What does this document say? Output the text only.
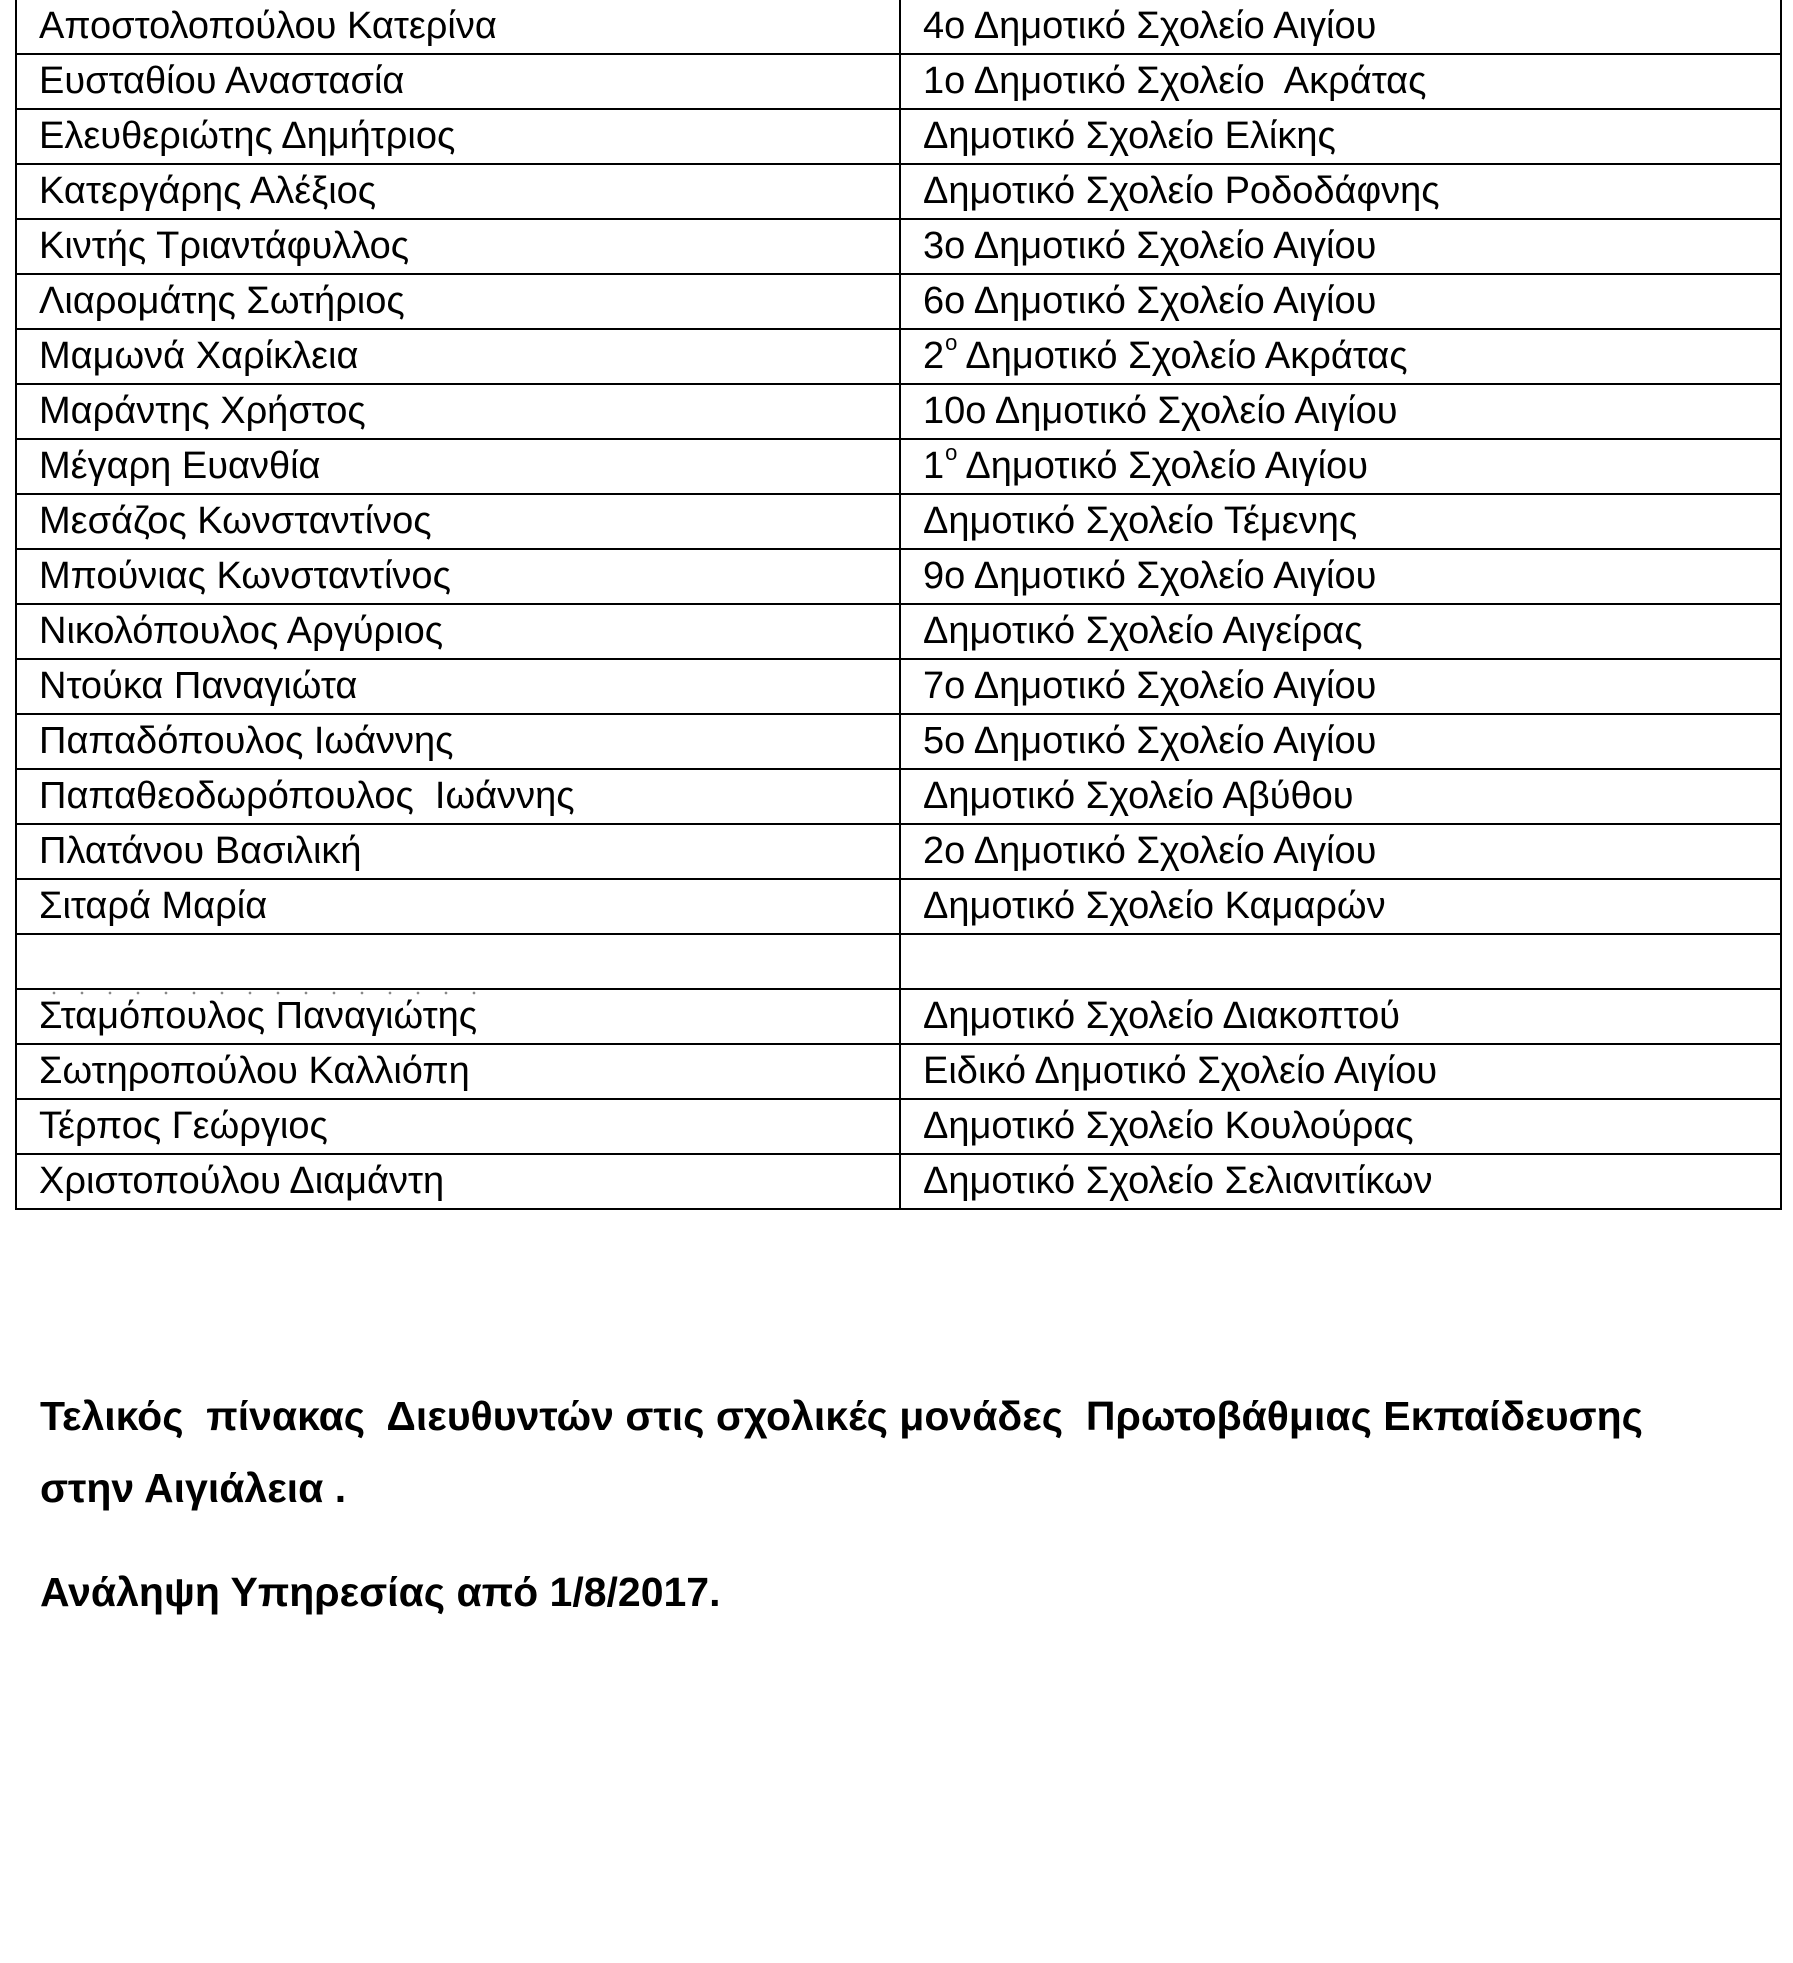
Αποστολοπούλου Κατερίνα	4ο Δημοτικό Σχολείο Αιγίου
Ευσταθίου Αναστασία	1ο Δημοτικό Σχολείο  Ακράτας
Ελευθεριώτης Δημήτριος	Δημοτικό Σχολείο Ελίκης
Κατεργάρης Αλέξιος	Δημοτικό Σχολείο Ροδοδάφνης
Κιντής Τριαντάφυλλος	3ο Δημοτικό Σχολείο Αιγίου
Λιαρομάτης Σωτήριος	6ο Δημοτικό Σχολείο Αιγίου
Μαμωνά Χαρίκλεια	$2^o$ Δημοτικό Σχολείο Ακράτας
Μαράντης Χρήστος	10ο Δημοτικό Σχολείο Αιγίου
Μέγαρη Ευανθία	$1^o$ Δημοτικό Σχολείο Αιγίου
Μεσάζος Κωνσταντίνος	Δημοτικό Σχολείο Τέμενης
Μπούνιας Κωνσταντίνος	9ο Δημοτικό Σχολείο Αιγίου
Νικολόπουλος Αργύριος	Δημοτικό Σχολείο Αιγείρας
Ντούκα Παναγιώτα	7ο Δημοτικό Σχολείο Αιγίου
Παπαδόπουλος Ιωάννης	5ο Δημοτικό Σχολείο Αιγίου
Παπαθεοδωρόπουλος  Ιωάννης	Δημοτικό Σχολείο Αβύθου
Πλατάνου Βασιλική	2ο Δημοτικό Σχολείο Αιγίου
Σιταρά Μαρία	Δημοτικό Σχολείο Καμαρών

Σταμόπουλος Παναγιώτης	Δημοτικό Σχολείο Διακοπτού
Σωτηροπούλου Καλλιόπη	Ειδικό Δημοτικό Σχολείο Αιγίου
Τέρπος Γεώργιος	Δημοτικό Σχολείο Κουλούρας
Χριστοπούλου Διαμάντη	Δημοτικό Σχολείο Σελιανιτίκων

Τελικός  πίνακας  Διευθυντών στις σχολικές μονάδες  Πρωτοβάθμιας Εκπαίδευσης στην Αιγιάλεια .

Ανάληψη Υπηρεσίας από 1/8/2017.
